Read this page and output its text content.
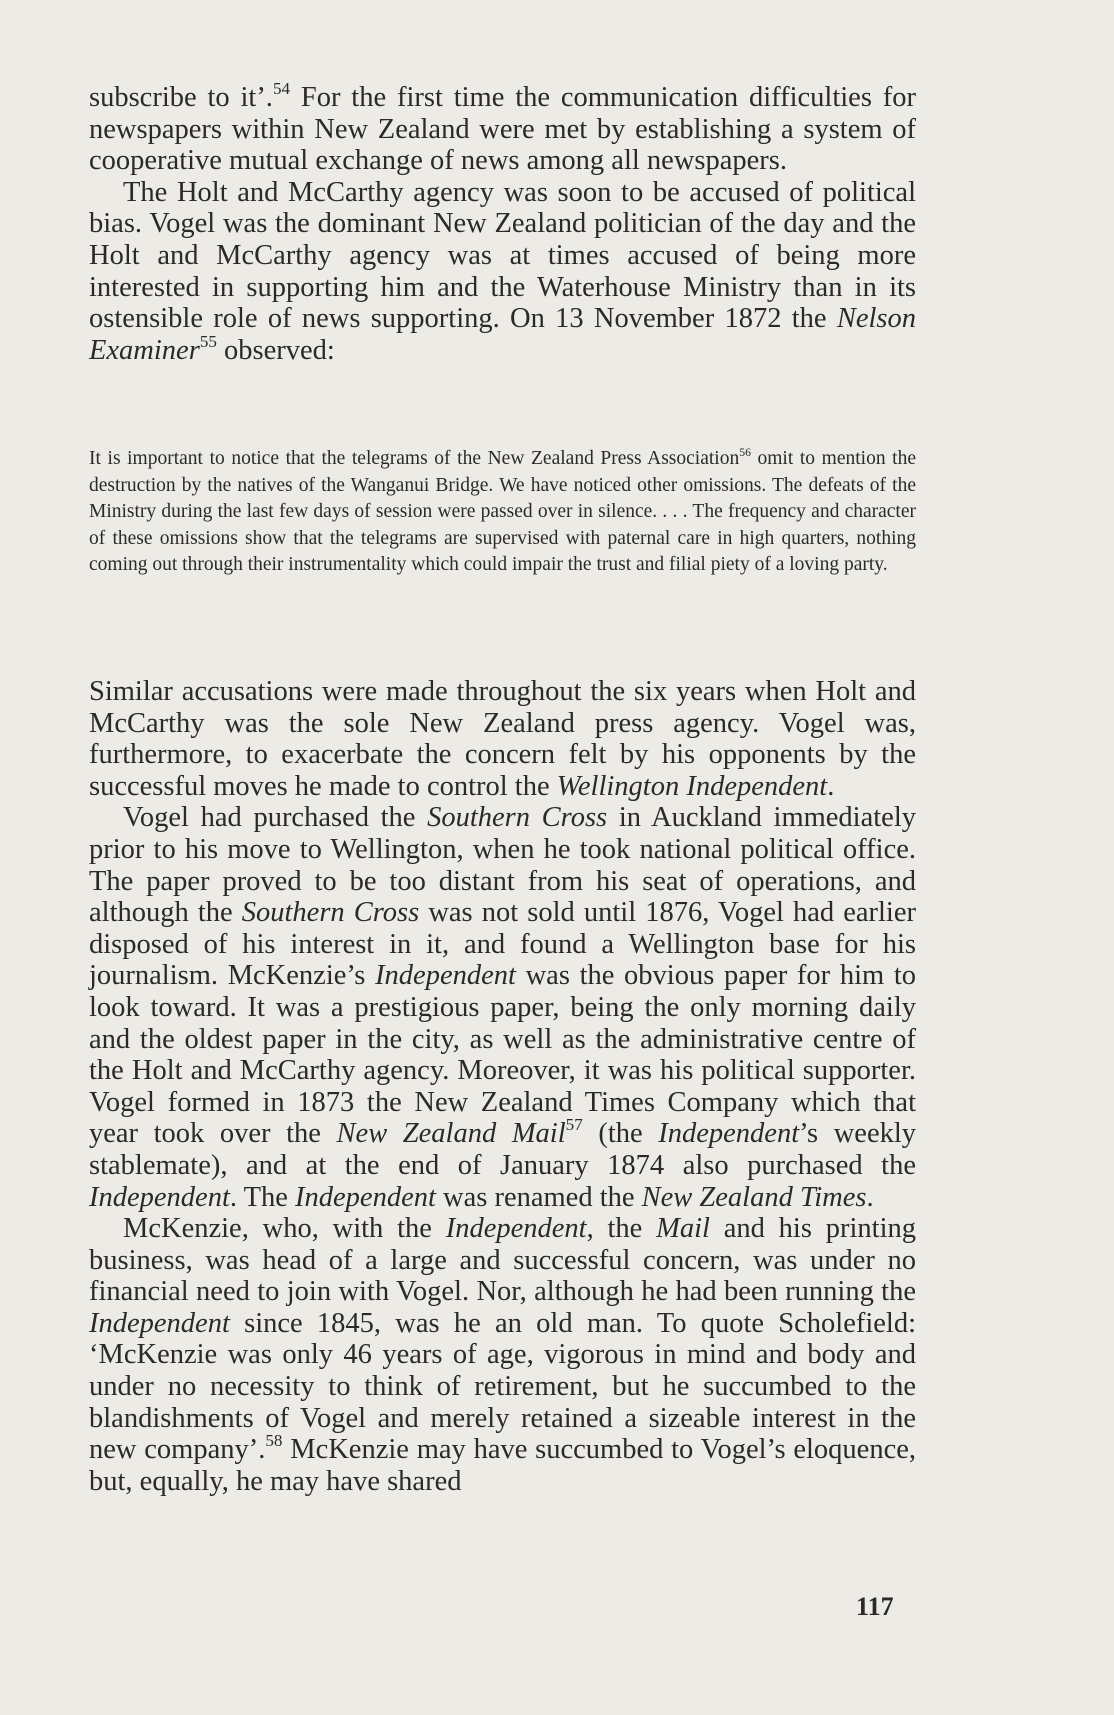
subscribe to it’.$^{54}$ For the first time the communication difficulties for newspapers within New Zealand were met by establishing a system of cooperative mutual exchange of news among all newspapers.

The Holt and McCarthy agency was soon to be accused of political bias. Vogel was the dominant New Zealand politician of the day and the Holt and McCarthy agency was at times accused of being more interested in supporting him and the Waterhouse Ministry than in its ostensible role of news supporting. On 13 November 1872 the Nelson Examiner$^{55}$ observed:

It is important to notice that the telegrams of the New Zealand Press Association$^{56}$ omit to mention the destruction by the natives of the Wanganui Bridge. We have noticed other omissions. The defeats of the Ministry during the last few days of session were passed over in silence. . . . The frequency and character of these omissions show that the telegrams are supervised with paternal care in high quarters, nothing coming out through their instrumentality which could impair the trust and filial piety of a loving party.

Similar accusations were made throughout the six years when Holt and McCarthy was the sole New Zealand press agency. Vogel was, furthermore, to exacerbate the concern felt by his opponents by the successful moves he made to control the Wellington Independent.

Vogel had purchased the Southern Cross in Auckland immediately prior to his move to Wellington, when he took national political office. The paper proved to be too distant from his seat of operations, and although the Southern Cross was not sold until 1876, Vogel had earlier disposed of his interest in it, and found a Wellington base for his journalism. McKenzie’s Independent was the obvious paper for him to look toward. It was a prestigious paper, being the only morning daily and the oldest paper in the city, as well as the administrative centre of the Holt and McCarthy agency. Moreover, it was his political supporter. Vogel formed in 1873 the New Zealand Times Company which that year took over the New Zealand Mail$^{57}$ (the Independent’s weekly stablemate), and at the end of January 1874 also purchased the Independent. The Independent was renamed the New Zealand Times.

McKenzie, who, with the Independent, the Mail and his printing business, was head of a large and successful concern, was under no financial need to join with Vogel. Nor, although he had been running the Independent since 1845, was he an old man. To quote Scholefield: ‘McKenzie was only 46 years of age, vigorous in mind and body and under no necessity to think of retirement, but he succumbed to the blandishments of Vogel and merely retained a sizeable interest in the new company’.$^{58}$ McKenzie may have succumbed to Vogel’s eloquence, but, equally, he may have shared

117
